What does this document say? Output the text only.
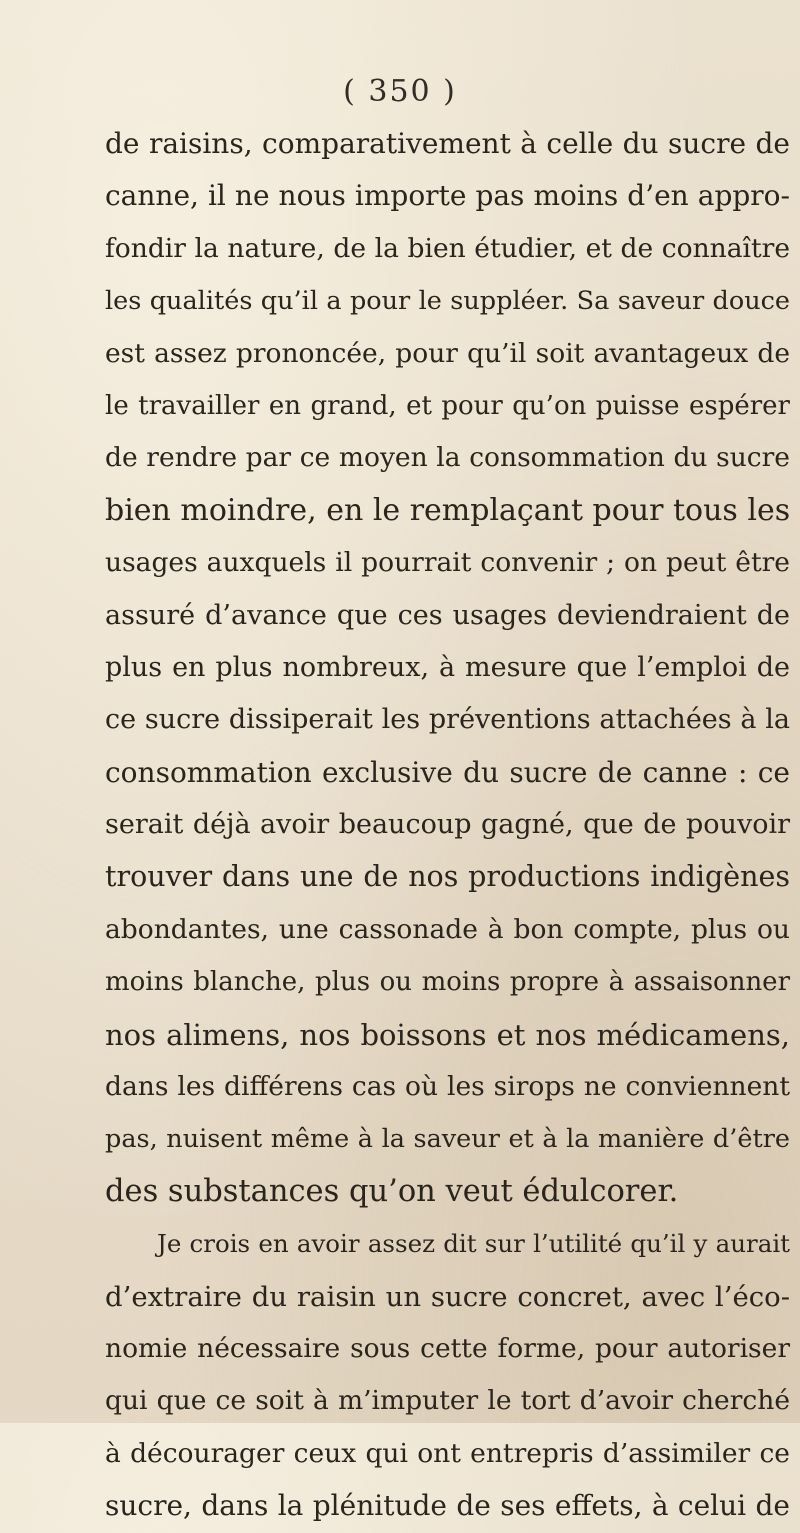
( 350 )
de raisins, comparativement à celle du sucre de
canne, il ne nous importe pas moins d’en appro-
fondir la nature, de la bien étudier, et de connaître
les qualités qu’il a pour le suppléer. Sa saveur douce
est assez prononcée, pour qu’il soit avantageux de
le travailler en grand, et pour qu’on puisse espérer
de rendre par ce moyen la consommation du sucre
bien moindre, en le remplaçant pour tous les
usages auxquels il pourrait convenir ; on peut être
assuré d’avance que ces usages deviendraient de
plus en plus nombreux, à mesure que l’emploi de
ce sucre dissiperait les préventions attachées à la
consommation exclusive du sucre de canne : ce
serait déjà avoir beaucoup gagné, que de pouvoir
trouver dans une de nos productions indigènes
abondantes, une cassonade à bon compte, plus ou
moins blanche, plus ou moins propre à assaisonner
nos alimens, nos boissons et nos médicamens,
dans les différens cas où les sirops ne conviennent
pas, nuisent même à la saveur et à la manière d’être
des substances qu’on veut édulcorer.
Je crois en avoir assez dit sur l’utilité qu’il y aurait
d’extraire du raisin un sucre concret, avec l’éco-
nomie nécessaire sous cette forme, pour autoriser
qui que ce soit à m’imputer le tort d’avoir cherché
à décourager ceux qui ont entrepris d’assimiler ce
sucre, dans la plénitude de ses effets, à celui de
